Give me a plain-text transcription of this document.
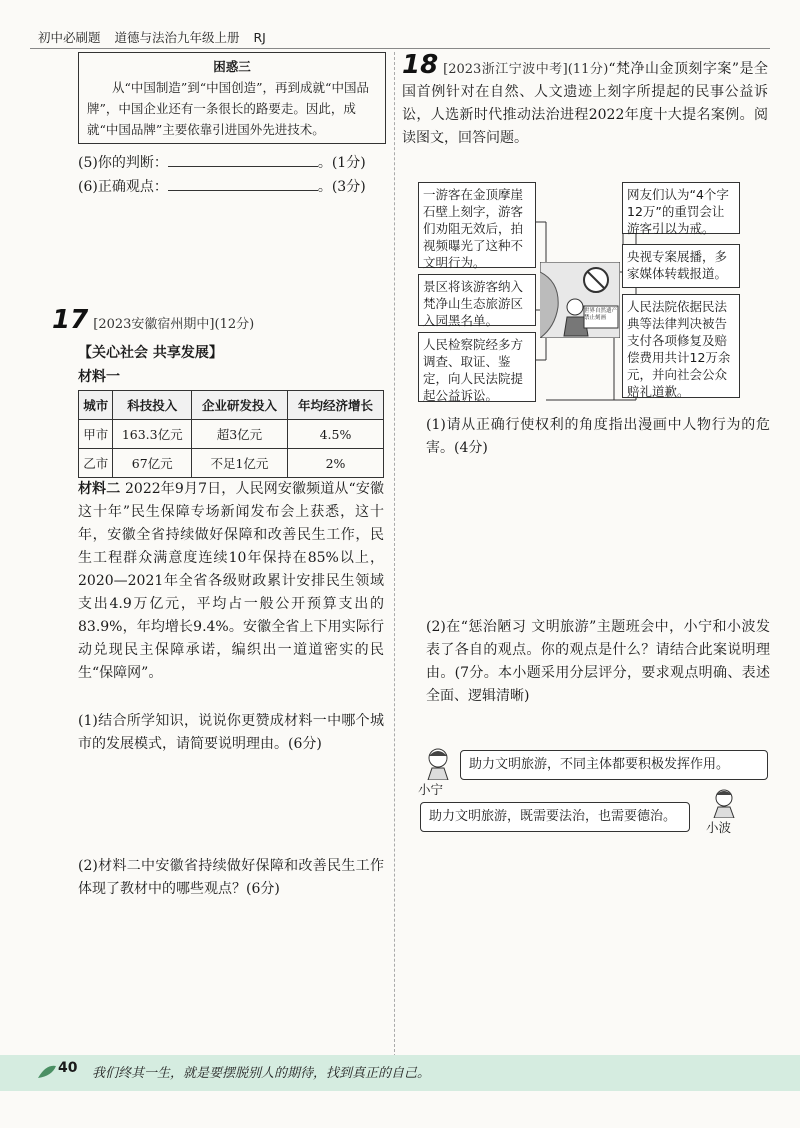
初中必刷题 道德与法治九年级上册 RJ
困惑三
从“中国制造”到“中国创造”，再到成就“中国品牌”，中国企业还有一条很长的路要走。因此，成就“中国品牌”主要依靠引进国外先进技术。
(5)你的判断：	。(1分)
(6)正确观点：	。(3分)
17 [2023安徽宿州期中](12分)
【关心社会 共享发展】
材料一
城市	科技投入	企业研发投入	年均经济增长
甲市	163.3亿元	超3亿元	4.5%
乙市	67亿元	不足1亿元	2%
材料二 2022年9月7日，人民网安徽频道从“安徽这十年”民生保障专场新闻发布会上获悉，这十年，安徽全省持续做好保障和改善民生工作，民生工程群众满意度连续10年保持在85%以上，2020—2021年全省各级财政累计安排民生领域支出4.9万亿元，平均占一般公开预算支出的83.9%，年均增长9.4%。安徽全省上下用实际行动兑现民主保障承诺，编织出一道道密实的民生“保障网”。
(1)结合所学知识，说说你更赞成材料一中哪个城市的发展模式，请简要说明理由。(6分)
(2)材料二中安徽省持续做好保障和改善民生工作体现了教材中的哪些观点？(6分)
18 [2023浙江宁波中考](11分)“梵净山金顶刻字案”是全国首例针对在自然、人文遗迹上刻字所提起的民事公益诉讼，人选新时代推动法治进程2022年度十大提名案例。阅读图文，回答问题。
一游客在金顶摩崖石壁上刻字，游客们劝阻无效后，拍视频曝光了这种不文明行为。
景区将该游客纳入梵净山生态旅游区入园黑名单。
人民检察院经多方调查、取证、鉴定，向人民法院提起公益诉讼。
网友们认为“4个字12万”的重罚会让游客引以为戒。
央视专案展播，多家媒体转载报道。
人民法院依据民法典等法律判决被告支付各项修复及赔偿费用共计12万余元，并向社会公众赔礼道歉。
世界自然遗产
禁止刻画
(1)请从正确行使权利的角度指出漫画中人物行为的危害。(4分)
(2)在“惩治陋习 文明旅游”主题班会中，小宁和小波发表了各自的观点。你的观点是什么？请结合此案说明理由。(7分。本小题采用分层评分，要求观点明确、表述全面、逻辑清晰)
小宁
助力文明旅游，不同主体都要积极发挥作用。
助力文明旅游，既需要法治，也需要德治。
小波
40 我们终其一生，就是要摆脱别人的期待，找到真正的自己。
